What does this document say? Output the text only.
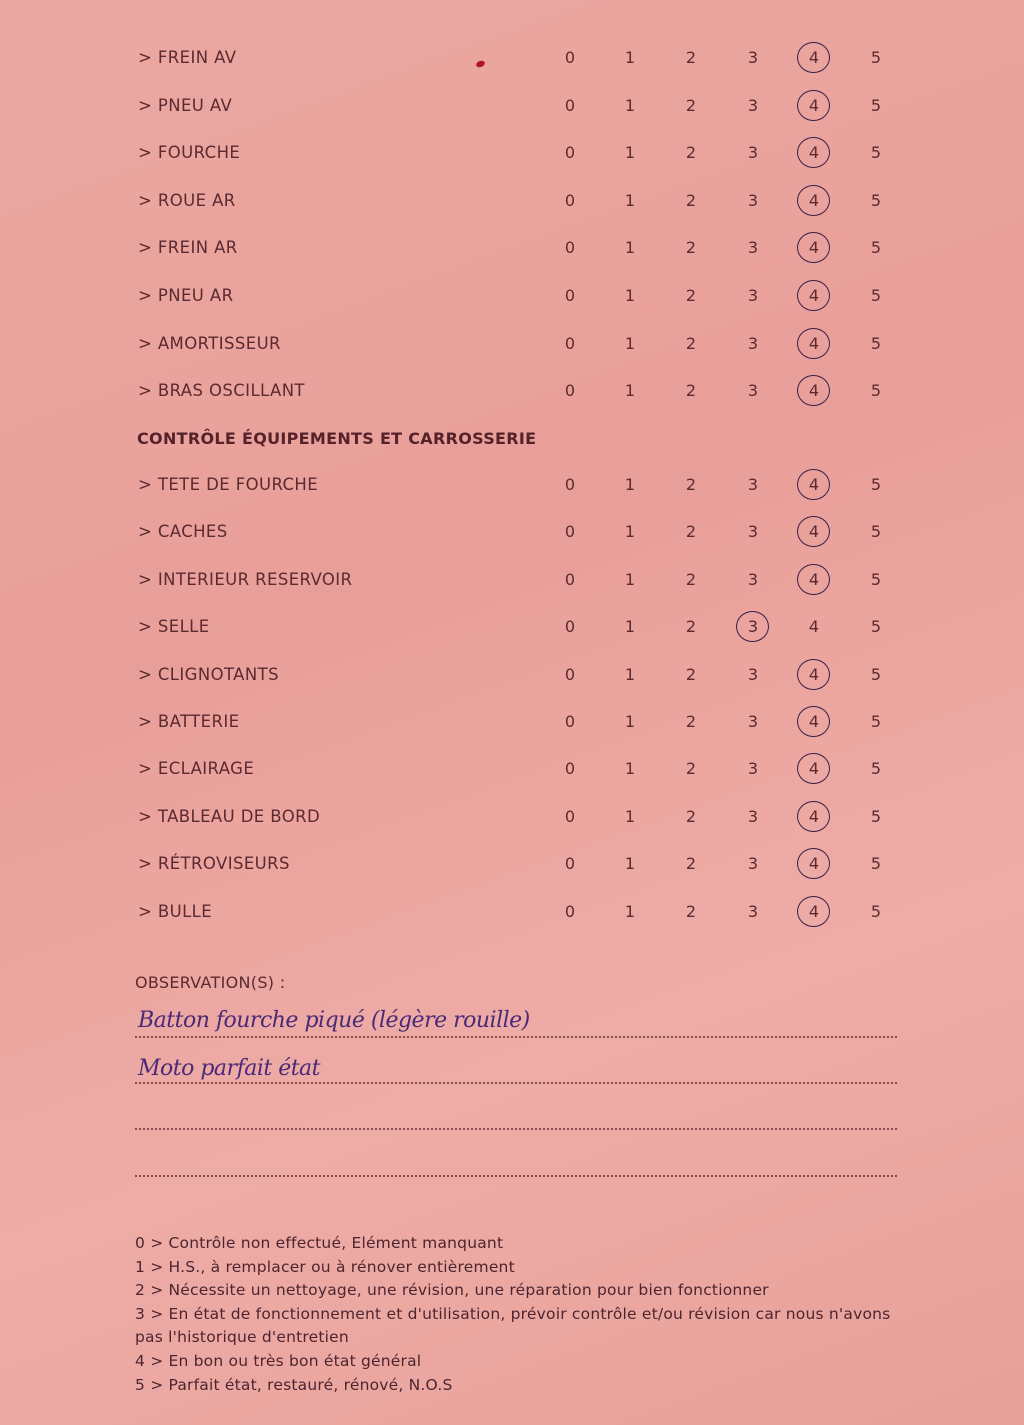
> FREIN AV	0	1	2	3	4	5
> PNEU AV	0	1	2	3	4	5
> FOURCHE	0	1	2	3	4	5
> ROUE AR	0	1	2	3	4	5
> FREIN AR	0	1	2	3	4	5
> PNEU AR	0	1	2	3	4	5
> AMORTISSEUR	0	1	2	3	4	5
> BRAS OSCILLANT	0	1	2	3	4	5
CONTRÔLE ÉQUIPEMENTS ET CARROSSERIE
> TETE DE FOURCHE	0	1	2	3	4	5
> CACHES	0	1	2	3	4	5
> INTERIEUR RESERVOIR	0	1	2	3	4	5
> SELLE	0	1	2	3	4	5
> CLIGNOTANTS	0	1	2	3	4	5
> BATTERIE	0	1	2	3	4	5
> ECLAIRAGE	0	1	2	3	4	5
> TABLEAU DE BORD	0	1	2	3	4	5
> RÉTROVISEURS	0	1	2	3	4	5
> BULLE	0	1	2	3	4	5
OBSERVATION(S) :
Batton fourche piqué (légère rouille)
Moto parfait état
0 > Contrôle non effectué, Elément manquant
1 > H.S., à remplacer ou à rénover entièrement
2 > Nécessite un nettoyage, une révision, une réparation pour bien fonctionner
3 > En état de fonctionnement et d'utilisation, prévoir contrôle et/ou révision car nous n'avons pas l'historique d'entretien
4 > En bon ou très bon état général
5 > Parfait état, restauré, rénové, N.O.S
